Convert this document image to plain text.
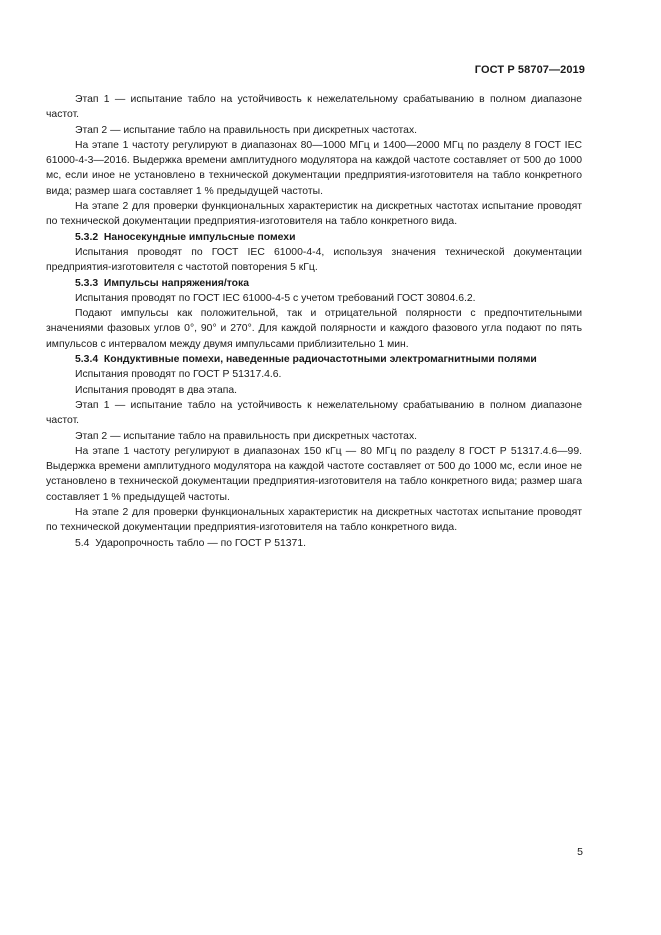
ГОСТ Р 58707—2019

Этап 1 — испытание табло на устойчивость к нежелательному срабатыванию в полном диапазоне частот.

Этап 2 — испытание табло на правильность при дискретных частотах.

На этапе 1 частоту регулируют в диапазонах 80—1000 МГц и 1400—2000 МГц по разделу 8 ГОСТ IEC 61000-4-3—2016. Выдержка времени амплитудного модулятора на каждой частоте составляет от 500 до 1000 мс, если иное не установлено в технической документации предприятия-изготовителя на табло конкретного вида; размер шага составляет 1 % предыдущей частоты.

На этапе 2 для проверки функциональных характеристик на дискретных частотах испытание проводят по технической документации предприятия-изготовителя на табло конкретного вида.

5.3.2 Наносекундные импульсные помехи

Испытания проводят по ГОСТ IEC 61000-4-4, используя значения технической документации предприятия-изготовителя с частотой повторения 5 кГц.

5.3.3 Импульсы напряжения/тока

Испытания проводят по ГОСТ IEC 61000-4-5 с учетом требований ГОСТ 30804.6.2.

Подают импульсы как положительной, так и отрицательной полярности с предпочтительными значениями фазовых углов 0°, 90° и 270°. Для каждой полярности и каждого фазового угла подают по пять импульсов с интервалом между двумя импульсами приблизительно 1 мин.

5.3.4 Кондуктивные помехи, наведенные радиочастотными электромагнитными полями

Испытания проводят по ГОСТ Р 51317.4.6.

Испытания проводят в два этапа.

Этап 1 — испытание табло на устойчивость к нежелательному срабатыванию в полном диапазоне частот.

Этап 2 — испытание табло на правильность при дискретных частотах.

На этапе 1 частоту регулируют в диапазонах 150 кГц — 80 МГц по разделу 8 ГОСТ Р 51317.4.6—99. Выдержка времени амплитудного модулятора на каждой частоте составляет от 500 до 1000 мс, если иное не установлено в технической документации предприятия-изготовителя на табло конкретного вида; размер шага составляет 1 % предыдущей частоты.

На этапе 2 для проверки функциональных характеристик на дискретных частотах испытание проводят по технической документации предприятия-изготовителя на табло конкретного вида.

5.4 Ударопрочность табло — по ГОСТ Р 51371.

5
